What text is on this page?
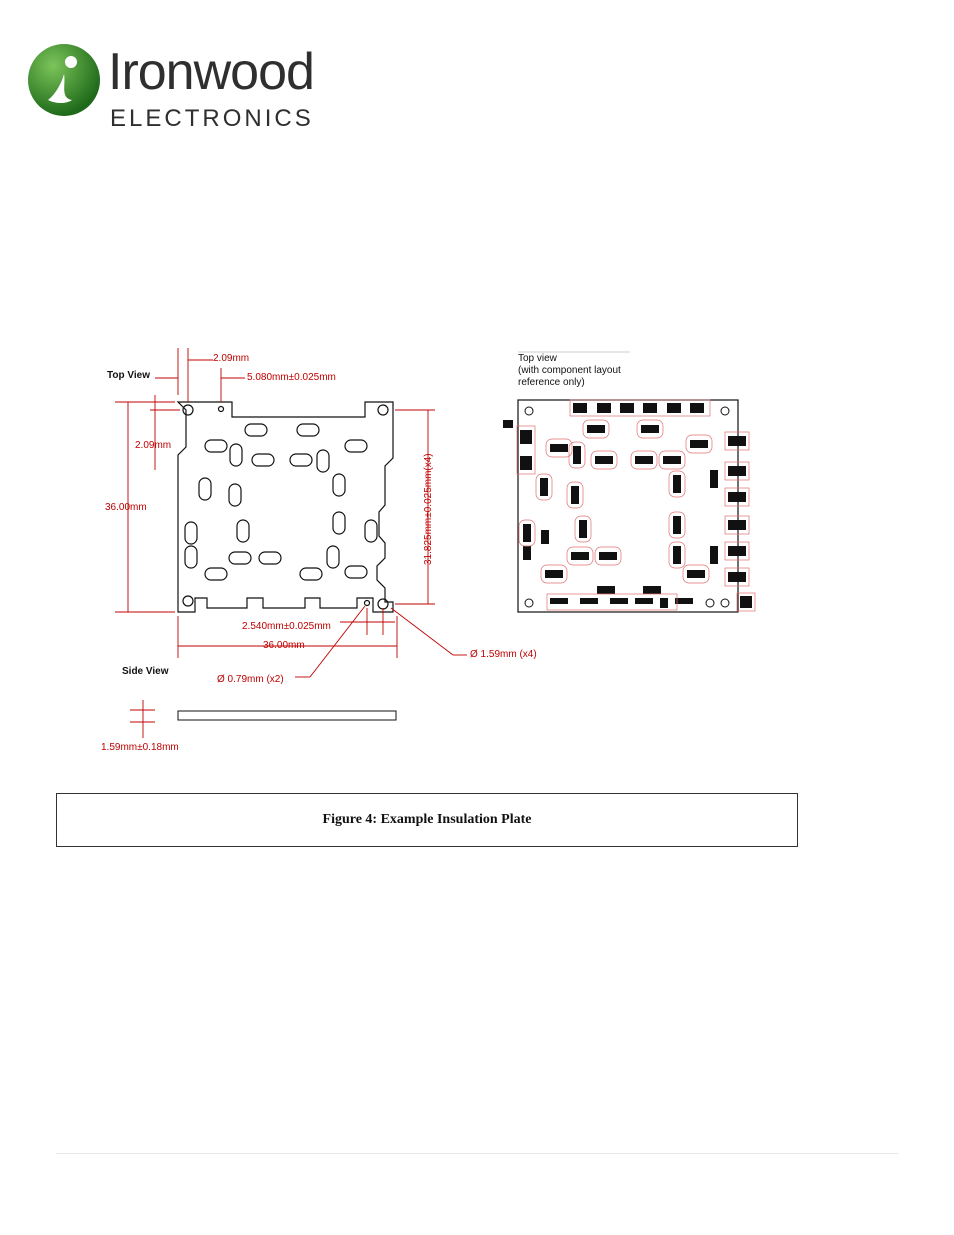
Ironwood
ELECTRONICS
Top View
Side View
2.09mm
5.080mm±0.025mm
2.09mm
36.00mm	31.825mm±0.025mm(x4)
2.540mm±0.025mm
36.00mm
Ø 1.59mm (x4)
Ø 0.79mm (x2)
1.59mm±0.18mm
Top view
(with component layout
reference only)
Figure 4: Example Insulation Plate
